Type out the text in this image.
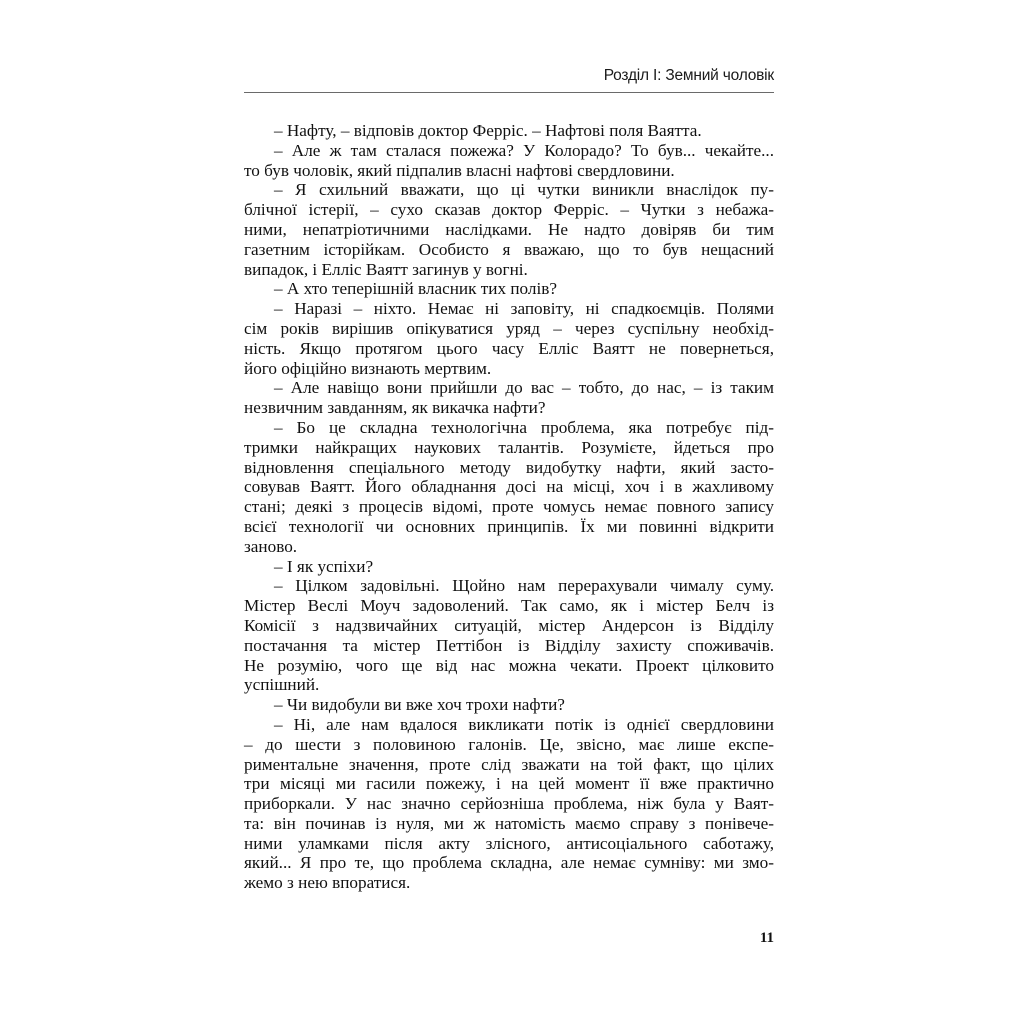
Розділ І: Земний чоловік
– Нафту, – відповів доктор Ферріс. – Нафтові поля Ваятта.
– Але ж там сталася пожежа? У Колорадо? То був... чекайте...
то був чоловік, який підпалив власні нафтові свердловини.
– Я схильний вважати, що ці чутки виникли внаслідок пу-
блічної істерії, – сухо сказав доктор Ферріс. – Чутки з небажа-
ними, непатріотичними наслідками. Не надто довіряв би тим
газетним історійкам. Особисто я вважаю, що то був нещасний
випадок, і Елліс Ваятт загинув у вогні.
– А хто теперішній власник тих полів?
– Наразі – ніхто. Немає ні заповіту, ні спадкоємців. Полями
сім років вирішив опікуватися уряд – через суспільну необхід-
ність. Якщо протягом цього часу Елліс Ваятт не повернеться,
його офіційно визнають мертвим.
– Але навіщо вони прийшли до вас – тобто, до нас, – із таким
незвичним завданням, як викачка нафти?
– Бо це складна технологічна проблема, яка потребує під-
тримки найкращих наукових талантів. Розумієте, йдеться про
відновлення спеціального методу видобутку нафти, який засто-
совував Ваятт. Його обладнання досі на місці, хоч і в жахливому
стані; деякі з процесів відомі, проте чомусь немає повного запису
всієї технології чи основних принципів. Їх ми повинні відкрити
заново.
– І як успіхи?
– Цілком задовільні. Щойно нам перерахували чималу суму.
Містер Веслі Моуч задоволений. Так само, як і містер Белч із
Комісії з надзвичайних ситуацій, містер Андерсон із Відділу
постачання та містер Петтібон із Відділу захисту споживачів.
Не розумію, чого ще від нас можна чекати. Проект цілковито
успішний.
– Чи видобули ви вже хоч трохи нафти?
– Ні, але нам вдалося викликати потік із однієї свердловини
– до шести з половиною галонів. Це, звісно, має лише експе-
риментальне значення, проте слід зважати на той факт, що цілих
три місяці ми гасили пожежу, і на цей момент її вже практично
приборкали. У нас значно серйозніша проблема, ніж була у Ваят-
та: він починав із нуля, ми ж натомість маємо справу з понівече-
ними уламками після акту злісного, антисоціального саботажу,
який... Я про те, що проблема складна, але немає сумніву: ми змо-
жемо з нею впоратися.
11
